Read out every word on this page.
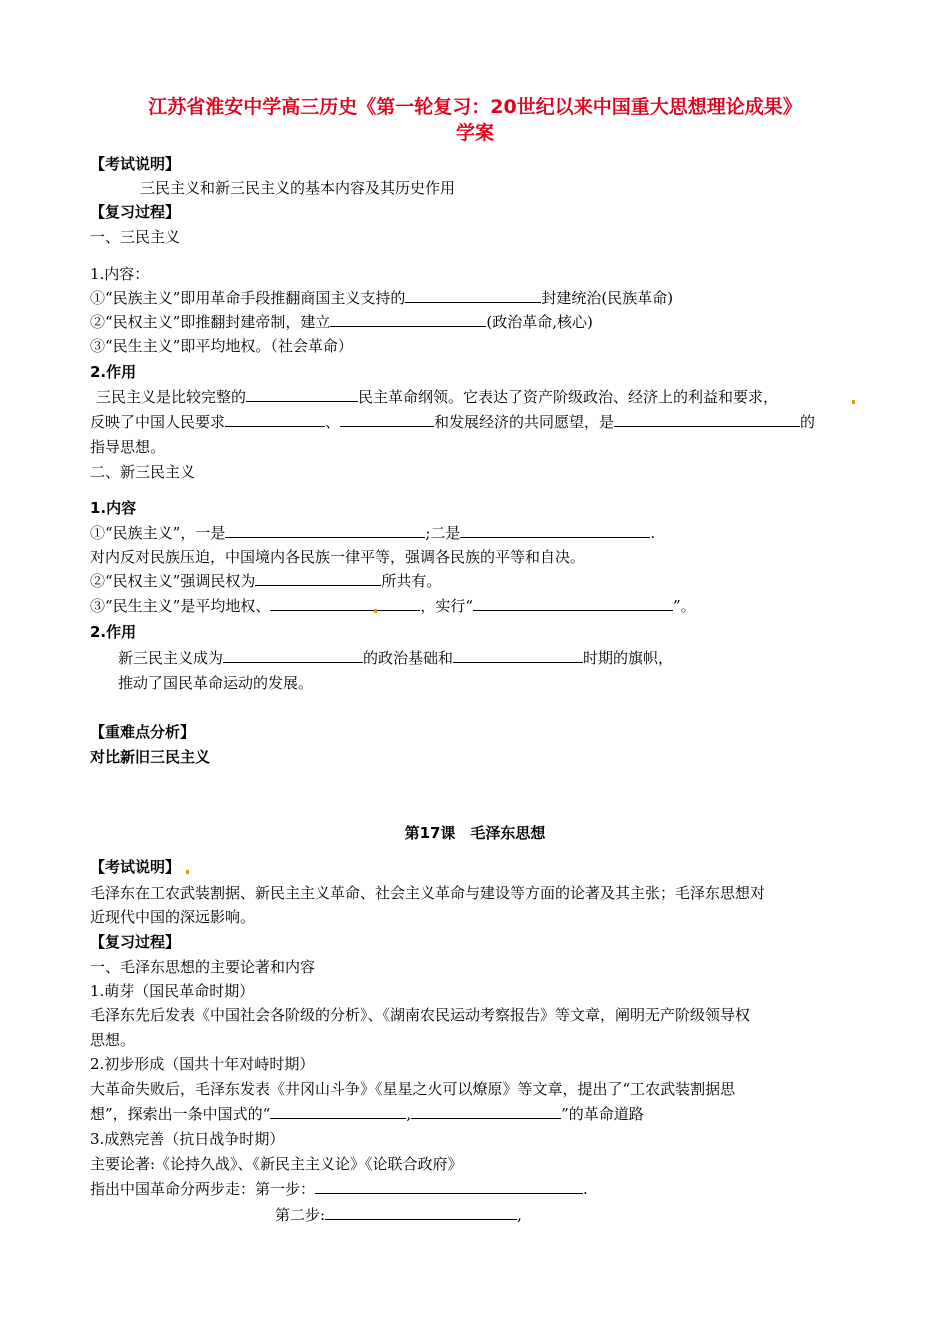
江苏省淮安中学高三历史《第一轮复习：20世纪以来中国重大思想理论成果》
学案
【考试说明】
三民主义和新三民主义的基本内容及其历史作用
【复习过程】
一、三民主义
1.内容：
①“民族主义”即用革命手段推翻商国主义支持的	封建统治(民族革命)
②“民权主义”即推翻封建帝制，建立	(政治革命,核心)
③“民生主义”即平均地权。（社会革命）
2.作用
三民主义是比较完整的	民主革命纲领。它表达了资产阶级政治、经济上的利益和要求，
反映了中国人民要求	、	和发展经济的共同愿望，是	的
指导思想。
二、新三民主义
1.内容
①“民族主义”，一是	;二是	.
对内反对民族压迫，中国境内各民族一律平等，强调各民族的平等和自决。
②“民权主义”强调民权为	所共有。
③“民生主义”是平均地权、	，实行“	”。
2.作用
新三民主义成为	的政治基础和	时期的旗帜，
推动了国民革命运动的发展。
【重难点分析】
对比新旧三民主义
第17课　毛泽东思想
【考试说明】
毛泽东在工农武装割据、新民主主义革命、社会主义革命与建设等方面的论著及其主张；毛泽东思想对
近现代中国的深远影响。
【复习过程】
一、毛泽东思想的主要论著和内容
1.萌芽（国民革命时期）
毛泽东先后发表《中国社会各阶级的分析》、《湖南农民运动考察报告》等文章，阐明无产阶级领导权
思想。
2.初步形成（国共十年对峙时期）
大革命失败后，毛泽东发表《井冈山斗争》《星星之火可以燎原》等文章，提出了“工农武装割据思
想”，探索出一条中国式的“	,	”的革命道路
3.成熟完善（抗日战争时期）
主要论著:《论持久战》、《新民主主义论》《论联合政府》
指出中国革命分两步走：第一步：	.
第二步:	,
